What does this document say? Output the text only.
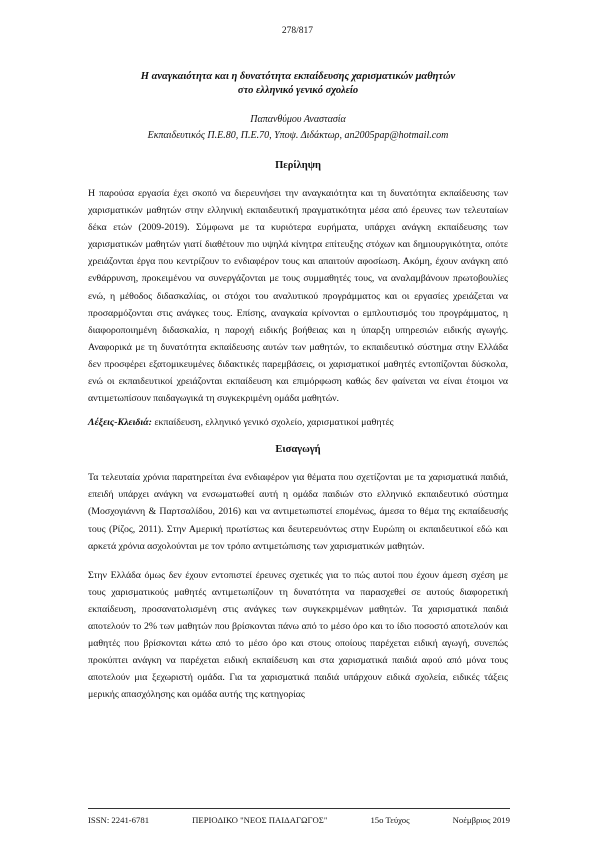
278/817

Η αναγκαιότητα και η δυνατότητα εκπαίδευσης χαρισματικών μαθητών
στο ελληνικό γενικό σχολείο

Παπανθύμου Αναστασία

Εκπαιδευτικός Π.Ε.80, Π.Ε.70, Υποψ. Διδάκτωρ, an2005pap@hotmail.com

Περίληψη

Η παρούσα εργασία έχει σκοπό να διερευνήσει την αναγκαιότητα και τη δυνατότητα εκπαίδευσης των χαρισματικών μαθητών στην ελληνική εκπαιδευτική πραγματικότητα μέσα από έρευνες των τελευταίων δέκα ετών (2009-2019). Σύμφωνα με τα κυριότερα ευρήματα, υπάρχει ανάγκη εκπαίδευσης των χαρισματικών μαθητών γιατί διαθέτουν πιο υψηλά κίνητρα επίτευξης στόχων και δημιουργικότητα, οπότε χρειάζονται έργα που κεντρίζουν το ενδιαφέρον τους και απαιτούν αφοσίωση. Ακόμη, έχουν ανάγκη από ενθάρρυνση, προκειμένου να συνεργάζονται με τους συμμαθητές τους, να αναλαμβάνουν πρωτοβουλίες ενώ, η μέθοδος διδασκαλίας, οι στόχοι του αναλυτικού προγράμματος και οι εργασίες χρειάζεται να προσαρμόζονται στις ανάγκες τους. Επίσης, αναγκαία κρίνονται ο εμπλουτισμός του προγράμματος, η διαφοροποιημένη διδασκαλία, η παροχή ειδικής βοήθειας και η ύπαρξη υπηρεσιών ειδικής αγωγής. Αναφορικά με τη δυνατότητα εκπαίδευσης αυτών των μαθητών, το εκπαιδευτικό σύστημα στην Ελλάδα δεν προσφέρει εξατομικευμένες διδακτικές παρεμβάσεις, οι χαρισματικοί μαθητές εντοπίζονται δύσκολα, ενώ οι εκπαιδευτικοί χρειάζονται εκπαίδευση και επιμόρφωση καθώς δεν φαίνεται να είναι έτοιμοι να αντιμετωπίσουν παιδαγωγικά τη συγκεκριμένη ομάδα μαθητών.

Λέξεις-Κλειδιά: εκπαίδευση, ελληνικό γενικό σχολείο, χαρισματικοί μαθητές

Εισαγωγή

Τα τελευταία χρόνια παρατηρείται ένα ενδιαφέρον για θέματα που σχετίζονται με τα χαρισματικά παιδιά, επειδή υπάρχει ανάγκη να ενσωματωθεί αυτή η ομάδα παιδιών στο ελληνικό εκπαιδευτικό σύστημα (Μοσχογιάννη & Παρτσαλίδου, 2016) και να αντιμετωπιστεί επομένως, άμεσα το θέμα της εκπαίδευσής τους (Ρίζος, 2011). Στην Αμερική πρωτίστως και δευτερευόντως στην Ευρώπη οι εκπαιδευτικοί εδώ και αρκετά χρόνια ασχολούνται με τον τρόπο αντιμετώπισης των χαρισματικών μαθητών.

Στην Ελλάδα όμως δεν έχουν εντοπιστεί έρευνες σχετικές για το πώς αυτοί που έχουν άμεση σχέση με τους χαρισματικούς μαθητές αντιμετωπίζουν τη δυνατότητα να παρασχεθεί σε αυτούς διαφορετική εκπαίδευση, προσανατολισμένη στις ανάγκες των συγκεκριμένων μαθητών. Τα χαρισματικά παιδιά αποτελούν το 2% των μαθητών που βρίσκονται πάνω από το μέσο όρο και το ίδιο ποσοστό αποτελούν και μαθητές που βρίσκονται κάτω από το μέσο όρο και στους οποίους παρέχεται ειδική αγωγή, συνεπώς προκύπτει ανάγκη να παρέχεται ειδική εκπαίδευση και στα χαρισματικά παιδιά αφού από μόνα τους αποτελούν μια ξεχωριστή ομάδα. Για τα χαρισματικά παιδιά υπάρχουν ειδικά σχολεία, ειδικές τάξεις μερικής απασχόλησης και ομάδα αυτής της κατηγορίας

ISSN: 2241-6781	ΠΕΡΙΟΔΙΚΟ "ΝΕΟΣ ΠΑΙΔΑΓΩΓΟΣ"	15ο Τεύχος	Νοέμβριος 2019
